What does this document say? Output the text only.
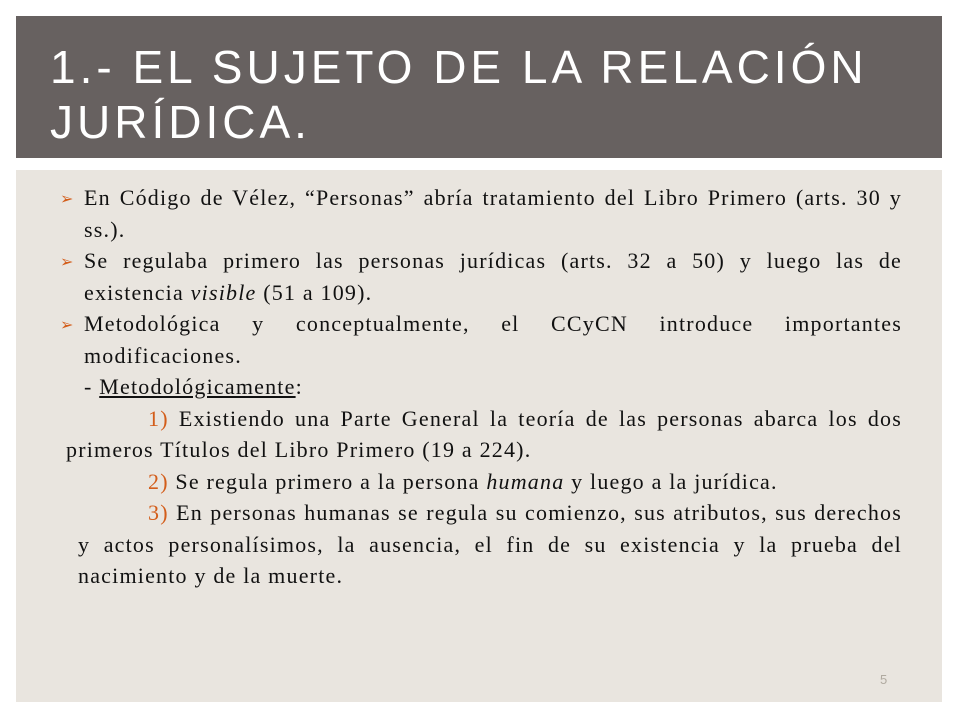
1.- EL SUJETO DE LA RELACIÓN
JURÍDICA.
➢ En Código de Vélez, “Personas” abría tratamiento del Libro Primero (arts. 30 y ss.).
➢ Se regulaba primero las personas jurídicas (arts. 32 a 50) y luego las de existencia visible (51 a 109).
➢ Metodológica y conceptualmente, el CCyCN introduce importantes modificaciones.
- Metodológicamente:
1) Existiendo una Parte General la teoría de las personas abarca los dos primeros Títulos del Libro Primero (19 a 224).
2) Se regula primero a la persona humana y luego a la jurídica.
3) En personas humanas se regula su comienzo, sus atributos, sus derechos y actos personalísimos, la ausencia, el fin de su existencia y la prueba del nacimiento y de la muerte.
5
